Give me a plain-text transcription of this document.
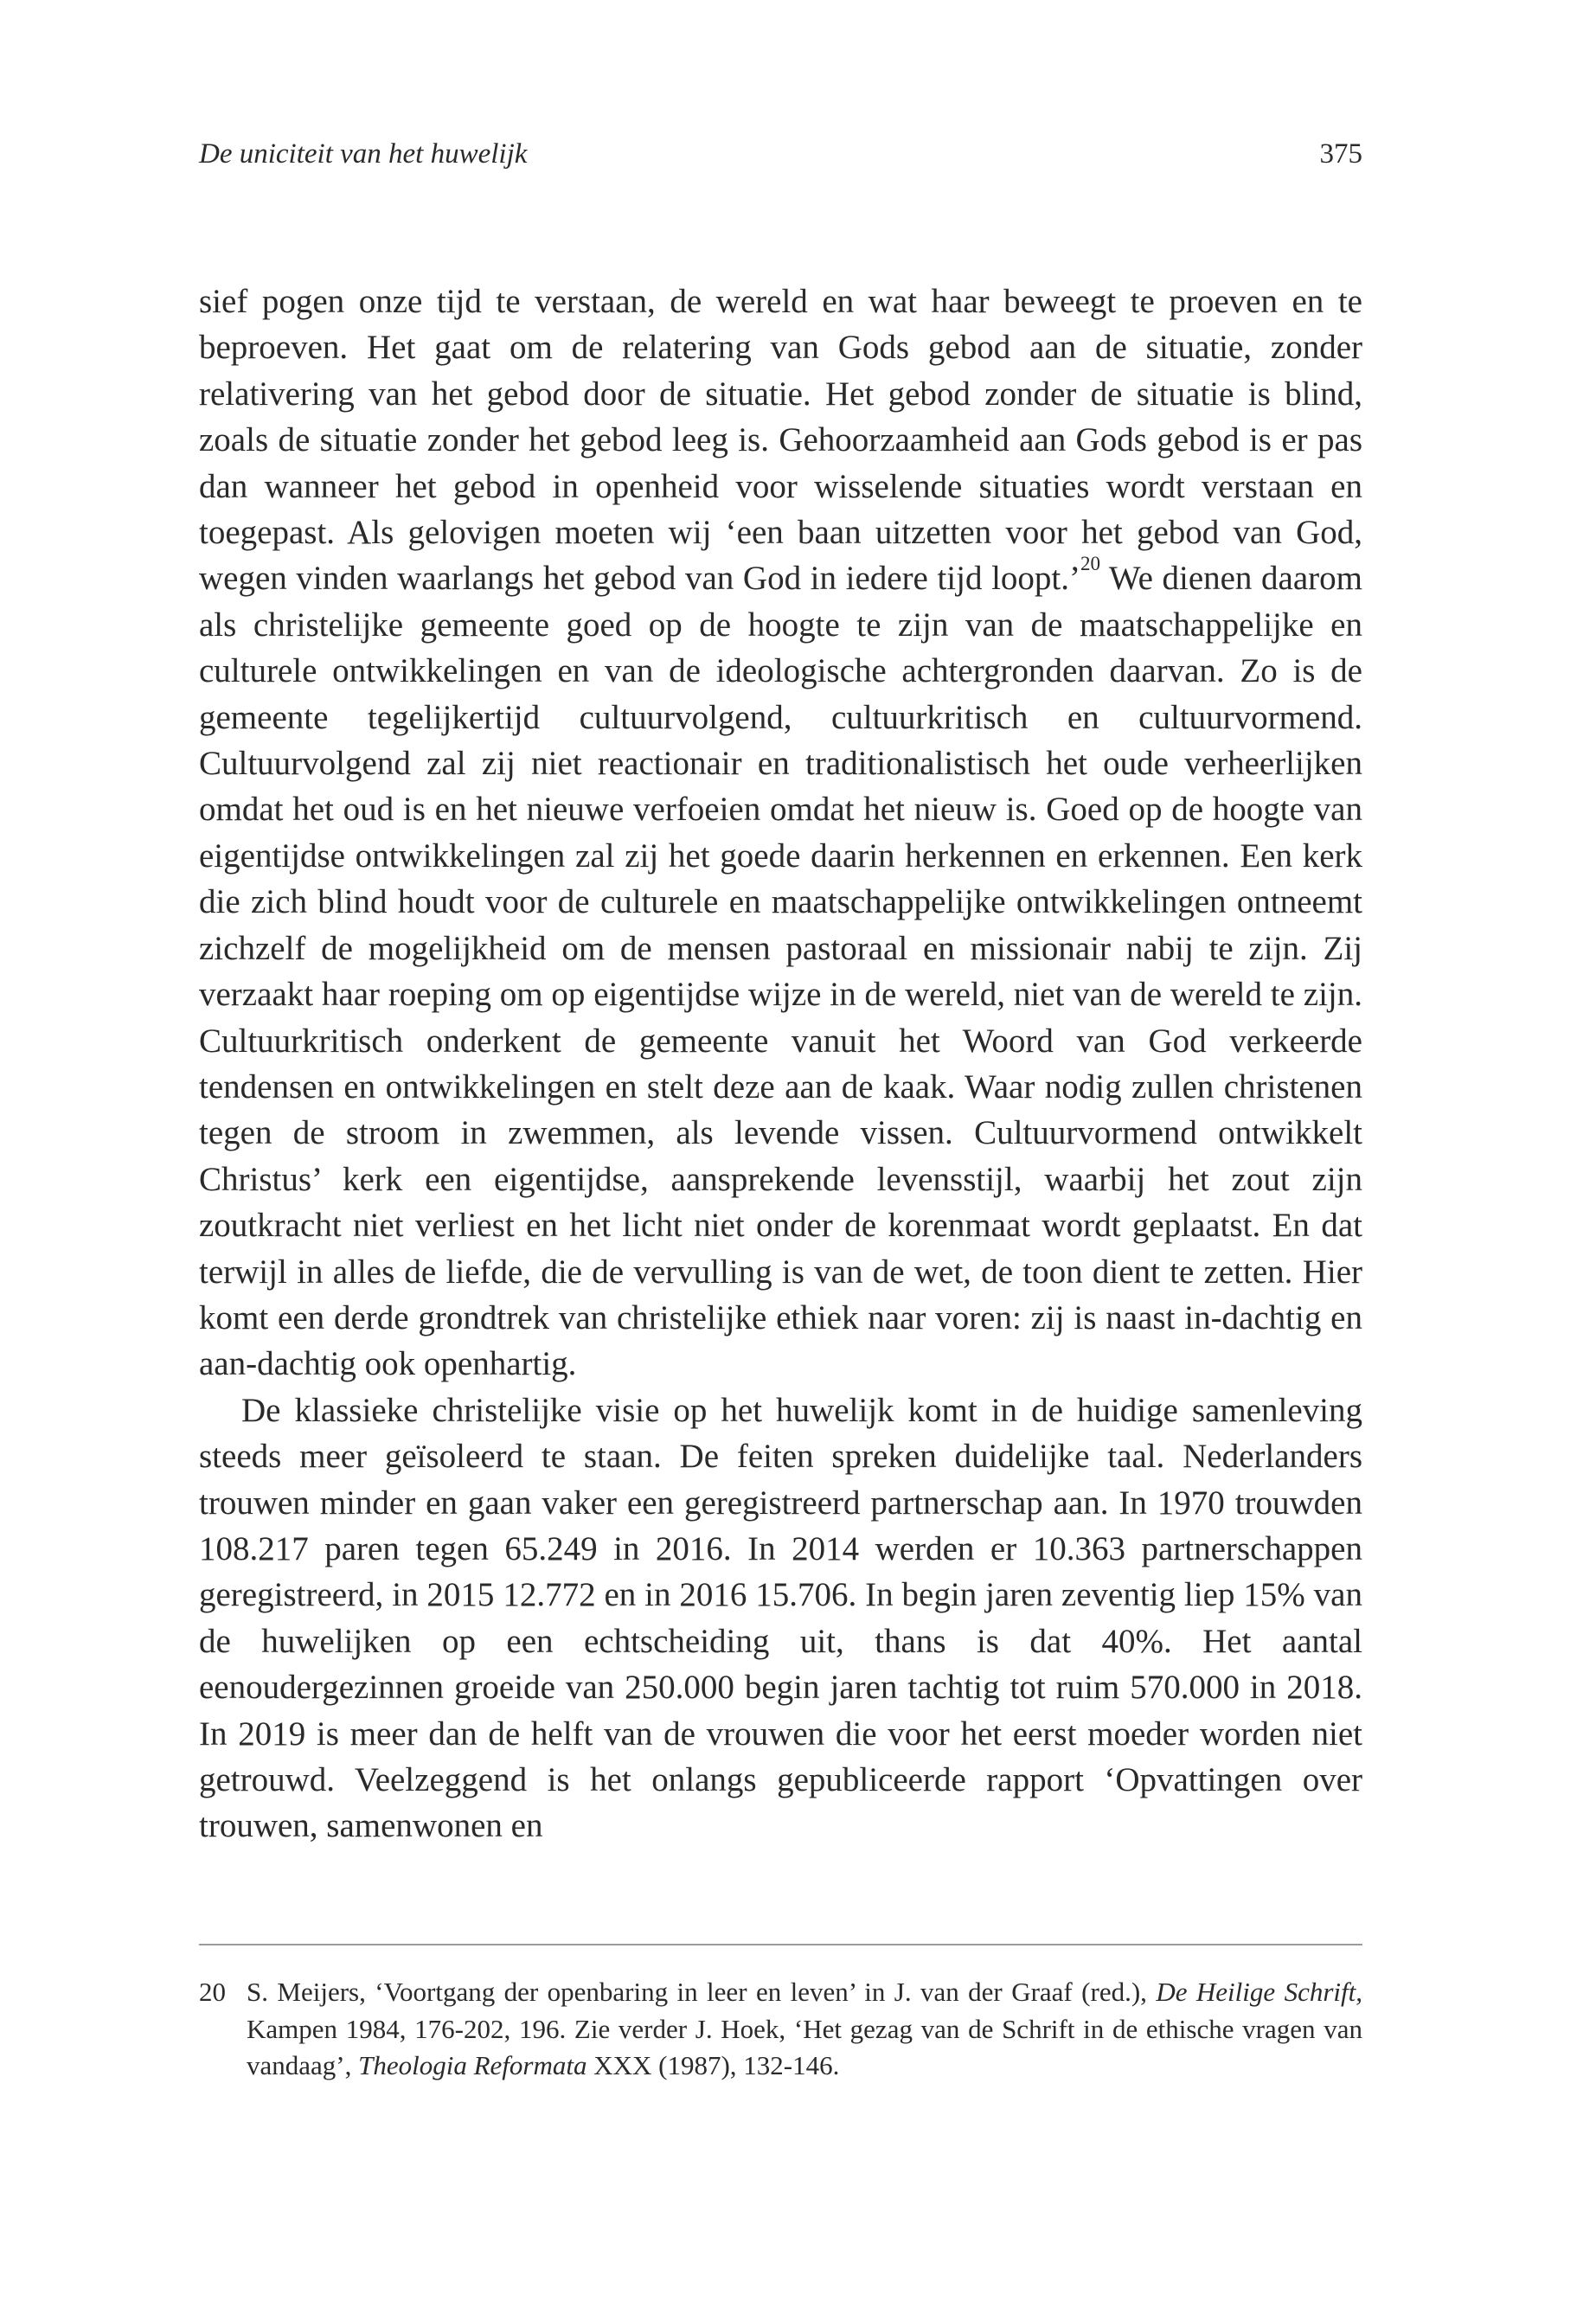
De uniciteit van het huwelijk	375

sief pogen onze tijd te verstaan, de wereld en wat haar beweegt te proeven en te beproeven. Het gaat om de relatering van Gods gebod aan de situatie, zonder relativering van het gebod door de situatie. Het gebod zonder de situatie is blind, zoals de situatie zonder het gebod leeg is. Gehoorzaamheid aan Gods gebod is er pas dan wanneer het gebod in openheid voor wisselende situaties wordt verstaan en toegepast. Als gelovigen moeten wij ‘een baan uitzetten voor het gebod van God, wegen vinden waarlangs het gebod van God in iedere tijd loopt.’$^{20}$ We dienen daarom als christelijke gemeente goed op de hoogte te zijn van de maatschappelijke en culturele ontwikkelingen en van de ideologische achtergronden daarvan. Zo is de gemeente tegelijkertijd cultuurvolgend, cultuurkritisch en cultuurvormend. Cultuurvolgend zal zij niet reactionair en traditionalistisch het oude verheerlijken omdat het oud is en het nieuwe verfoeien omdat het nieuw is. Goed op de hoogte van eigentijdse ontwikkelingen zal zij het goede daarin herkennen en erkennen. Een kerk die zich blind houdt voor de culturele en maatschappelijke ontwikkelingen ontneemt zichzelf de mogelijkheid om de mensen pastoraal en missionair nabij te zijn. Zij verzaakt haar roeping om op eigentijdse wijze in de wereld, niet van de wereld te zijn. Cultuurkritisch onderkent de gemeente vanuit het Woord van God verkeerde tendensen en ontwikkelingen en stelt deze aan de kaak. Waar nodig zullen christenen tegen de stroom in zwemmen, als levende vissen. Cultuurvormend ontwikkelt Christus’ kerk een eigentijdse, aansprekende levensstijl, waarbij het zout zijn zoutkracht niet verliest en het licht niet onder de korenmaat wordt geplaatst. En dat terwijl in alles de liefde, die de vervulling is van de wet, de toon dient te zetten. Hier komt een derde grondtrek van christelijke ethiek naar voren: zij is naast in-dachtig en aan-dachtig ook openhartig.

De klassieke christelijke visie op het huwelijk komt in de huidige samenleving steeds meer geïsoleerd te staan. De feiten spreken duidelijke taal. Nederlanders trouwen minder en gaan vaker een geregistreerd partnerschap aan. In 1970 trouwden 108.217 paren tegen 65.249 in 2016. In 2014 werden er 10.363 partnerschappen geregistreerd, in 2015 12.772 en in 2016 15.706. In begin jaren zeventig liep 15% van de huwelijken op een echtscheiding uit, thans is dat 40%. Het aantal eenoudergezinnen groeide van 250.000 begin jaren tachtig tot ruim 570.000 in 2018. In 2019 is meer dan de helft van de vrouwen die voor het eerst moeder worden niet getrouwd. Veelzeggend is het onlangs gepubliceerde rapport ‘Opvattingen over trouwen, samenwonen en

20 S. Meijers, ‘Voortgang der openbaring in leer en leven’ in J. van der Graaf (red.), De Heilige Schrift, Kampen 1984, 176-202, 196. Zie verder J. Hoek, ‘Het gezag van de Schrift in de ethische vragen van vandaag’, Theologia Reformata XXX (1987), 132-146.
